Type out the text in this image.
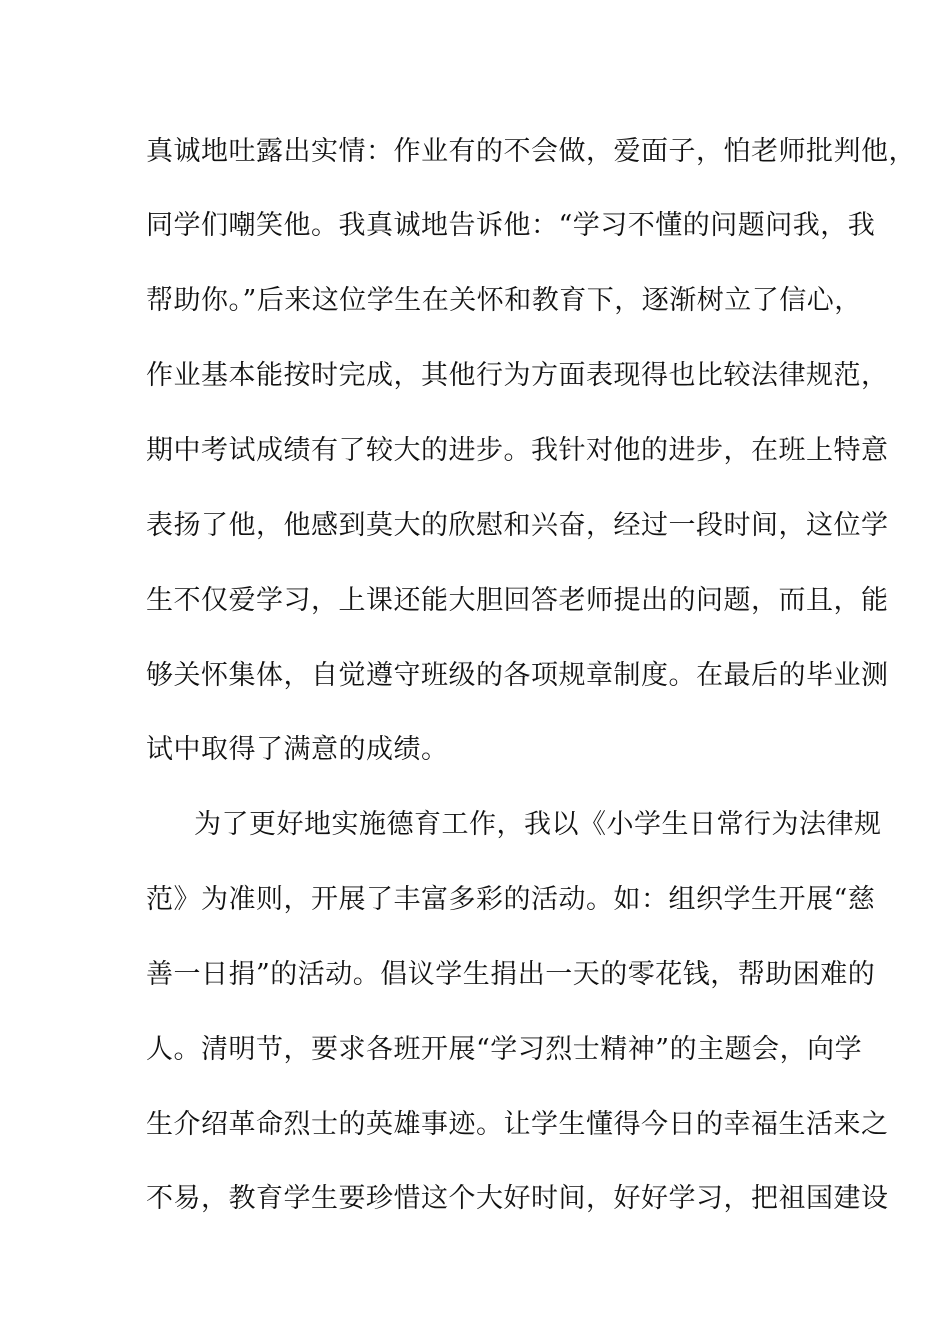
真诚地吐露出实情：作业有的不会做，爱面子，怕老师批判他，
同学们嘲笑他。我真诚地告诉他：“学习不懂的问题问我，我
帮助你。”后来这位学生在关怀和教育下，逐渐树立了信心，
作业基本能按时完成，其他行为方面表现得也比较法律规范，
期中考试成绩有了较大的进步。我针对他的进步，在班上特意
表扬了他，他感到莫大的欣慰和兴奋，经过一段时间，这位学
生不仅爱学习，上课还能大胆回答老师提出的问题，而且，能
够关怀集体，自觉遵守班级的各项规章制度。在最后的毕业测
试中取得了满意的成绩。
为了更好地实施德育工作，我以《小学生日常行为法律规
范》为准则，开展了丰富多彩的活动。如：组织学生开展“慈
善一日捐”的活动。倡议学生捐出一天的零花钱，帮助困难的
人。清明节，要求各班开展“学习烈士精神”的主题会，向学
生介绍革命烈士的英雄事迹。让学生懂得今日的幸福生活来之
不易，教育学生要珍惜这个大好时间，好好学习，把祖国建设
